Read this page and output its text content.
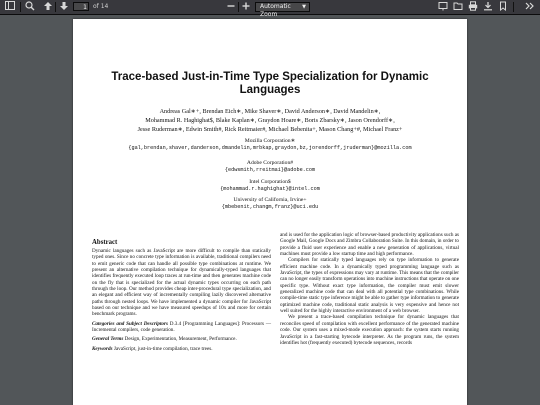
1	of 14	Automatic Zoom
▼
Trace-based Just-in-Time Type Specialization for Dynamic Languages
Andreas Gal∗+, Brendan Eich∗, Mike Shaver∗, David Anderson∗, David Mandelin∗,
Mohammad R. Haghighat$, Blake Kaplan∗, Graydon Hoare∗, Boris Zbarsky∗, Jason Orendorff∗,
Jesse Ruderman∗, Edwin Smith#, Rick Reitmaier#, Michael Bebenita+, Mason Chang+#, Michael Franz+
Mozilla Corporation∗
{gal,brendan,shaver,danderson,dmandelin,mrbkap,graydon,bz,jorendorff,jruderman}@mozilla.com
Adobe Corporation#
{edwsmith,rreitmai}@adobe.com
Intel Corporation$
{mohammad.r.haghighat}@intel.com
University of California, Irvine+
{mbebenit,changm,franz}@uci.edu
Abstract

Dynamic languages such as JavaScript are more difficult to compile than statically typed ones. Since no concrete type information is available, traditional compilers need to emit generic code that can handle all possible type combinations at runtime. We present an alternative compilation technique for dynamically-typed languages that identifies frequently executed loop traces at run-time and then generates machine code on the fly that is specialized for the actual dynamic types occurring on each path through the loop. Our method provides cheap inter-procedural type specialization, and an elegant and efficient way of incrementally compiling lazily discovered alternative paths through nested loops. We have implemented a dynamic compiler for JavaScript based on our technique and we have measured speedups of 10x and more for certain benchmark programs.

Categories and Subject Descriptors D.3.4 [Programming Languages]: Processors — Incremental compilers, code generation.

General Terms Design, Experimentation, Measurement, Performance.

Keywords JavaScript, just-in-time compilation, trace trees.

and is used for the application logic of browser-based productivity applications such as Google Mail, Google Docs and Zimbra Collaboration Suite. In this domain, in order to provide a fluid user experience and enable a new generation of applications, virtual machines must provide a low startup time and high performance.

Compilers for statically typed languages rely on type information to generate efficient machine code. In a dynamically typed programming language such as JavaScript, the types of expressions may vary at runtime. This means that the compiler can no longer easily transform operations into machine instructions that operate on one specific type. Without exact type information, the compiler must emit slower generalized machine code that can deal with all potential type combinations. While compile-time static type inference might be able to gather type information to generate optimized machine code, traditional static analysis is very expensive and hence not well suited for the highly interactive environment of a web browser.

We present a trace-based compilation technique for dynamic languages that reconciles speed of compilation with excellent performance of the generated machine code. Our system uses a mixed-mode execution approach: the system starts running JavaScript in a fast-starting bytecode interpreter. As the program runs, the system identifies hot (frequently executed) bytecode sequences, records
